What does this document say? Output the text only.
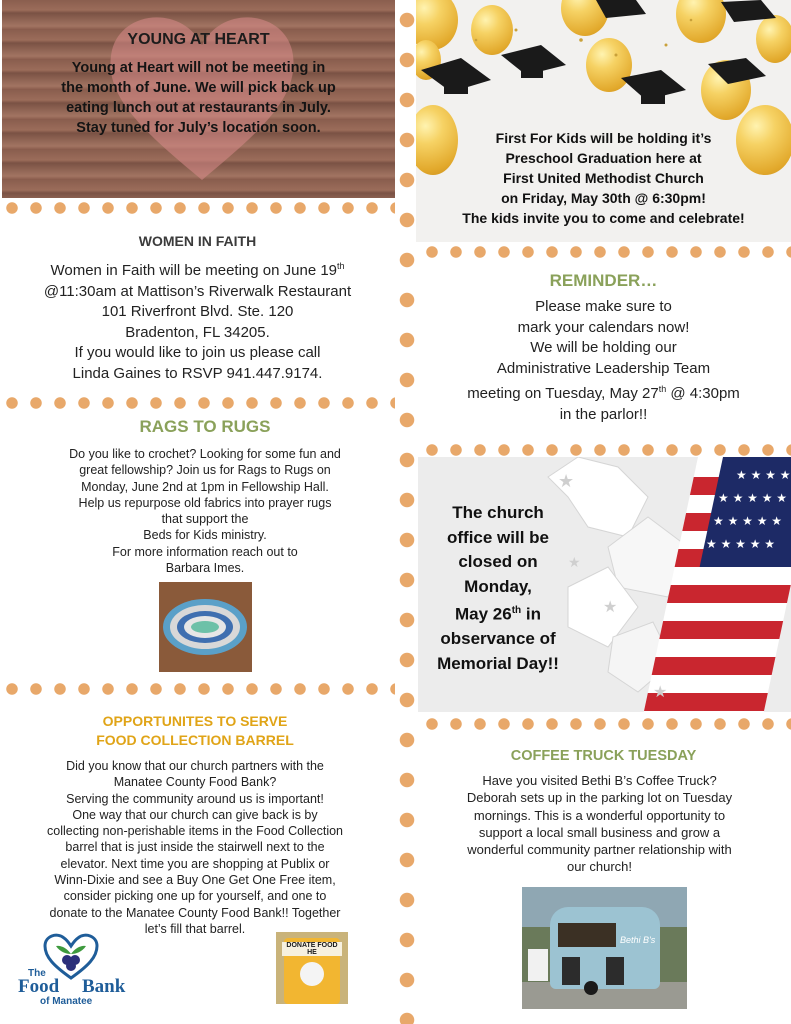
YOUNG AT HEART
Young at Heart will not be meeting in
the month of June. We will pick back up
eating lunch out at restaurants in July.
Stay tuned for July’s location soon.
First For Kids will be holding it’s
Preschool Graduation here at
First United Methodist Church
on Friday, May 30th @ 6:30pm!
The kids invite you to come and celebrate!
WOMEN IN FAITH
Women in Faith will be meeting on June 19th
@11:30am at Mattison’s Riverwalk Restaurant
101 Riverfront Blvd. Ste. 120
Bradenton, FL 34205.
If you would like to join us please call
Linda Gaines to RSVP 941.447.9174.
REMINDER…
Please make sure to
mark your calendars now!
We will be holding our
Administrative Leadership Team
meeting on Tuesday, May 27th @ 4:30pm
in the parlor!!
RAGS TO RUGS
Do you like to crochet? Looking for some fun and
great fellowship? Join us for Rags to Rugs on
Monday, June 2nd at 1pm in Fellowship Hall.
Help us repurpose old fabrics into prayer rugs
that support the
Beds for Kids ministry.
For more information reach out to
Barbara Imes.
★ ★ ★ ★
★ ★ ★ ★ ★
★ ★ ★ ★ ★
★ ★ ★ ★ ★
★
★
★
★
The church
office will be
closed on
Monday,
May 26th in
observance of
Memorial Day!!
OPPORTUNITES TO SERVE
FOOD COLLECTION BARREL
Did you know that our church partners with the
Manatee County Food Bank?
Serving the community around us is important!
One way that our church can give back is by
collecting non-perishable items in the Food Collection
barrel that is just inside the stairwell next to the
elevator. Next time you are shopping at Publix or
Winn-Dixie and see a Buy One Get One Free item,
consider picking one up for yourself, and one to
donate to the Manatee County Food Bank!! Together
let’s fill that barrel.
The
Food Bank
of Manatee
DONATE FOOD HE
COFFEE TRUCK TUESDAY
Have you visited Bethi B’s Coffee Truck?
Deborah sets up in the parking lot on Tuesday
mornings. This is a wonderful opportunity to
support a local small business and grow a
wonderful community partner relationship with
our church!
Bethi B's
